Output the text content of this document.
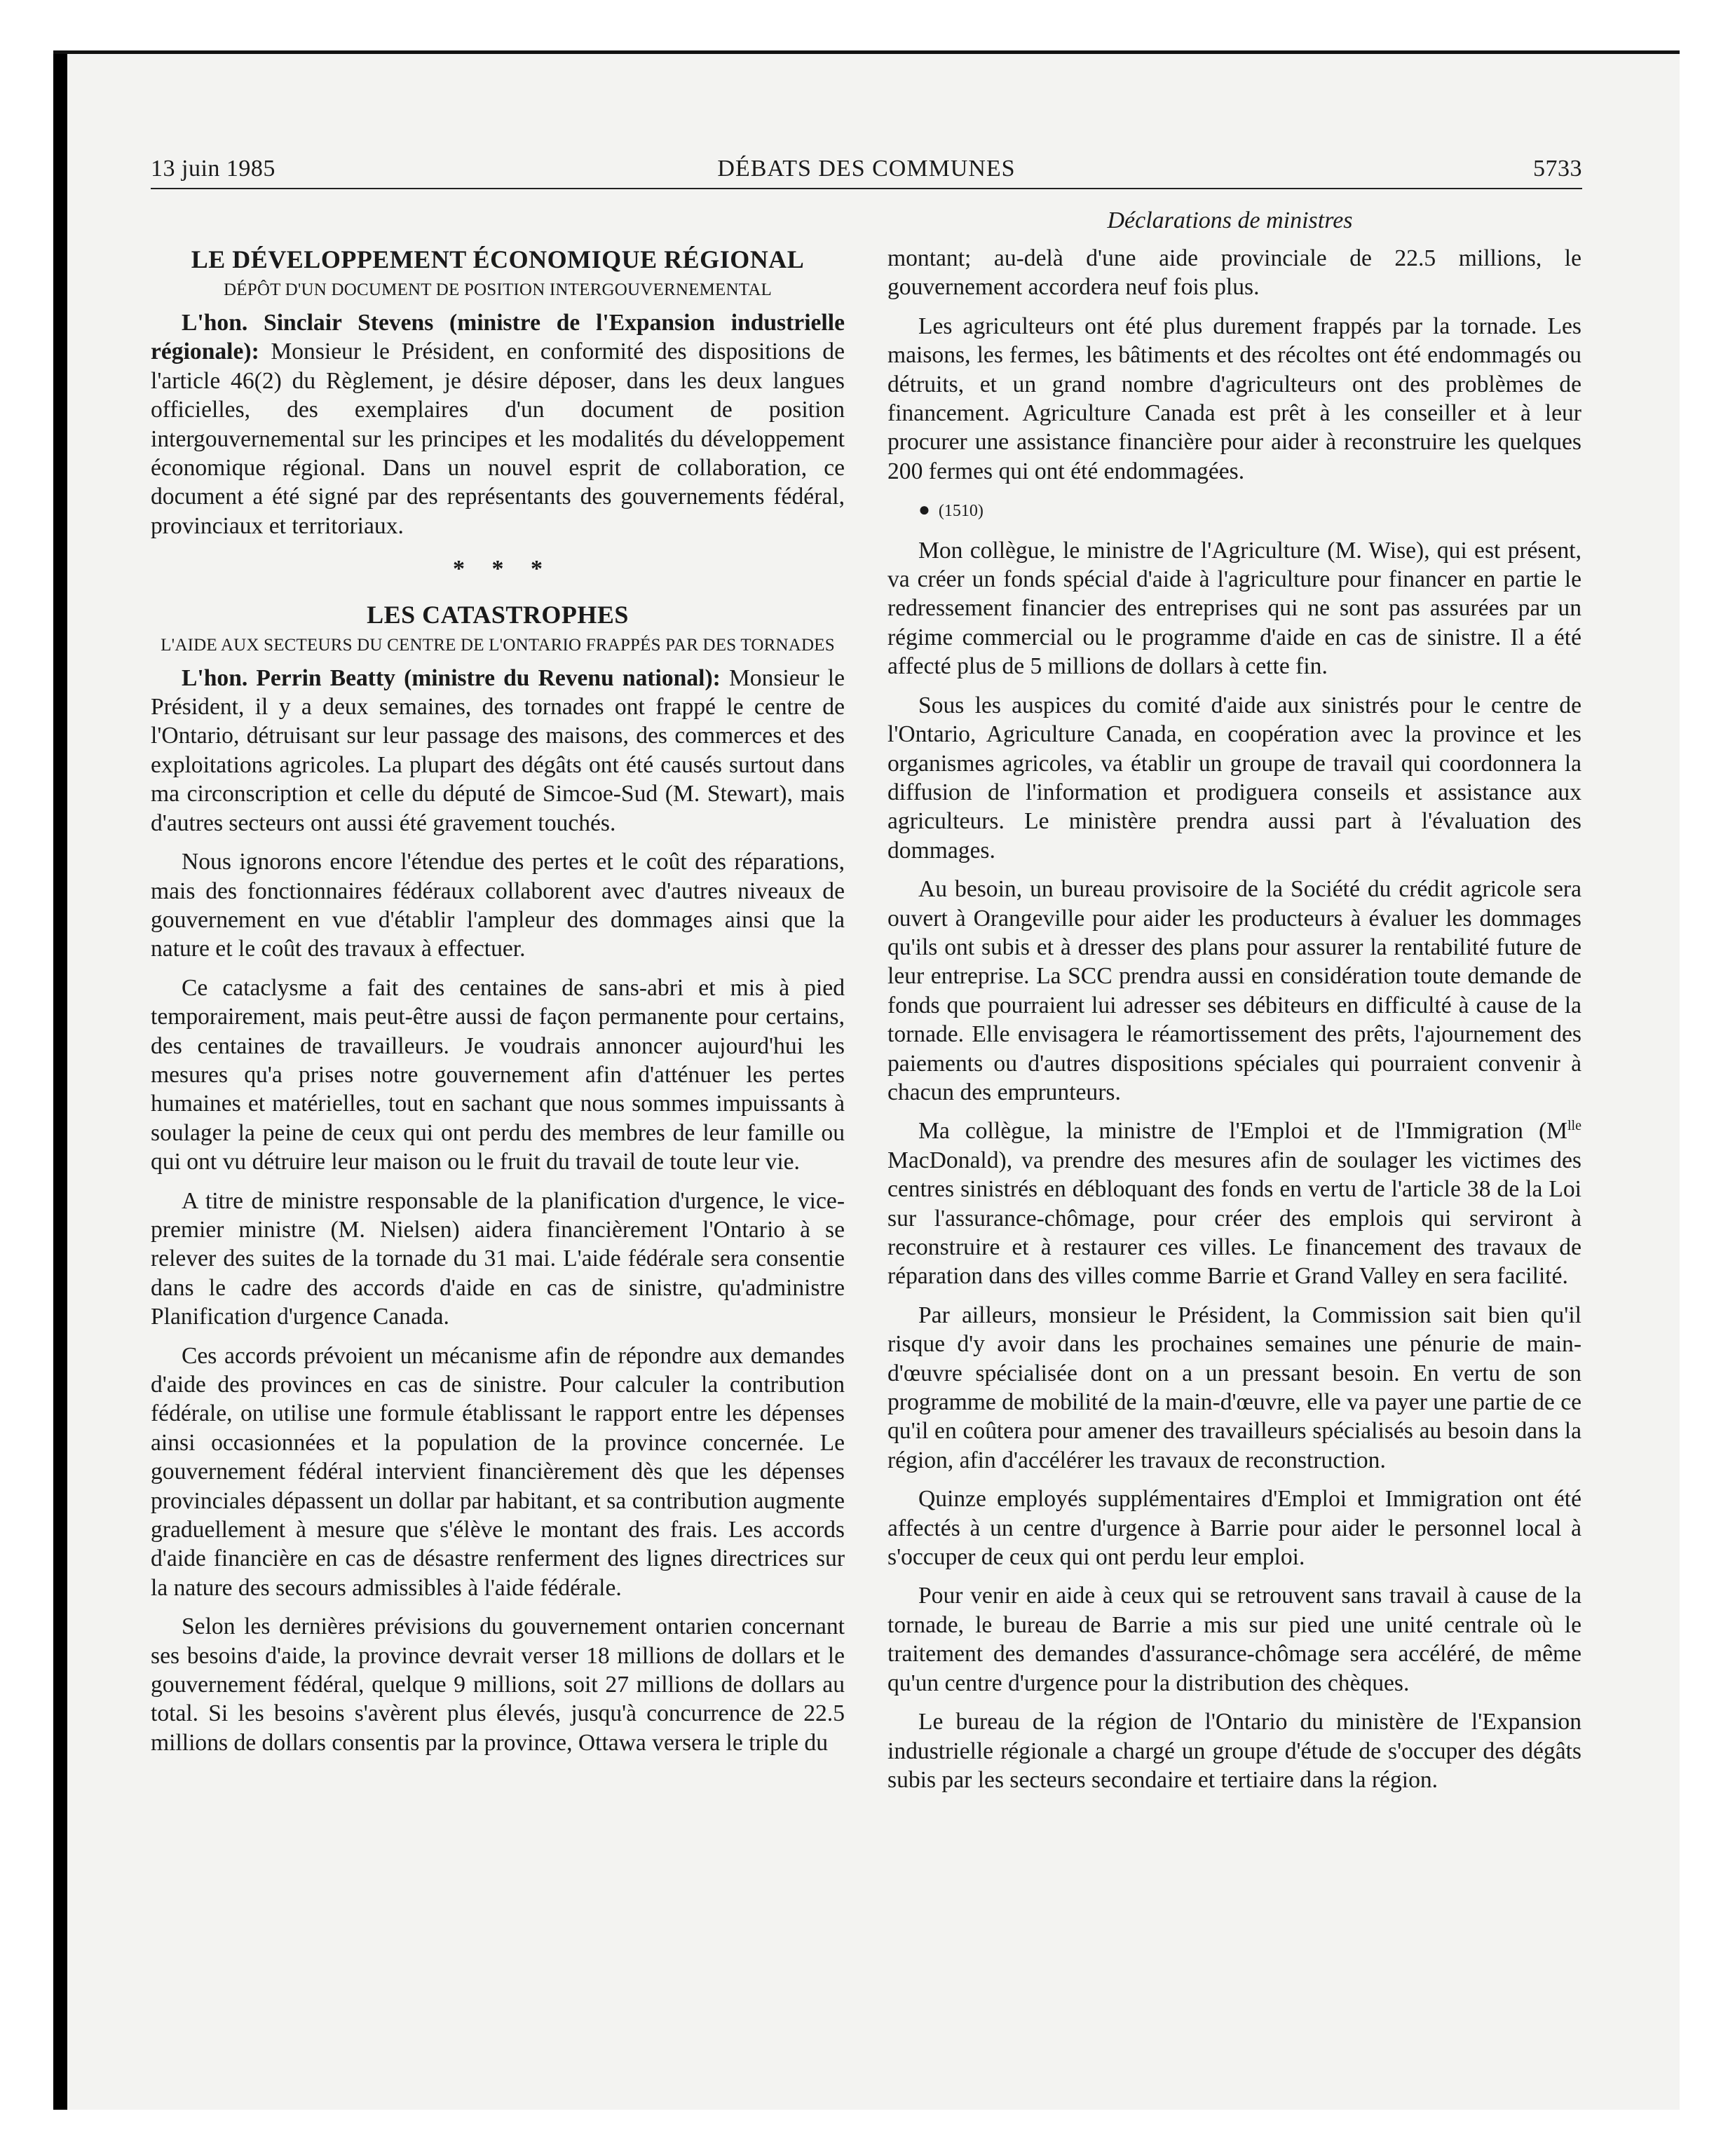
13 juin 1985	DÉBATS DES COMMUNES	5733
Déclarations de ministres
LE DÉVELOPPEMENT ÉCONOMIQUE RÉGIONAL
DÉPÔT D'UN DOCUMENT DE POSITION INTERGOUVERNEMENTAL

L'hon. Sinclair Stevens (ministre de l'Expansion industrielle régionale): Monsieur le Président, en conformité des dispositions de l'article 46(2) du Règlement, je désire déposer, dans les deux langues officielles, des exemplaires d'un document de position intergouvernemental sur les principes et les modalités du développement économique régional. Dans un nouvel esprit de collaboration, ce document a été signé par des représentants des gouvernements fédéral, provinciaux et territoriaux.

* * *
LES CATASTROPHES
L'AIDE AUX SECTEURS DU CENTRE DE L'ONTARIO FRAPPÉS PAR DES TORNADES

L'hon. Perrin Beatty (ministre du Revenu national): Monsieur le Président, il y a deux semaines, des tornades ont frappé le centre de l'Ontario, détruisant sur leur passage des maisons, des commerces et des exploitations agricoles. La plupart des dégâts ont été causés surtout dans ma circonscription et celle du député de Simcoe-Sud (M. Stewart), mais d'autres secteurs ont aussi été gravement touchés.

Nous ignorons encore l'étendue des pertes et le coût des réparations, mais des fonctionnaires fédéraux collaborent avec d'autres niveaux de gouvernement en vue d'établir l'ampleur des dommages ainsi que la nature et le coût des travaux à effectuer.

Ce cataclysme a fait des centaines de sans-abri et mis à pied temporairement, mais peut-être aussi de façon permanente pour certains, des centaines de travailleurs. Je voudrais annoncer aujourd'hui les mesures qu'a prises notre gouvernement afin d'atténuer les pertes humaines et matérielles, tout en sachant que nous sommes impuissants à soulager la peine de ceux qui ont perdu des membres de leur famille ou qui ont vu détruire leur maison ou le fruit du travail de toute leur vie.

A titre de ministre responsable de la planification d'urgence, le vice-premier ministre (M. Nielsen) aidera financièrement l'Ontario à se relever des suites de la tornade du 31 mai. L'aide fédérale sera consentie dans le cadre des accords d'aide en cas de sinistre, qu'administre Planification d'urgence Canada.

Ces accords prévoient un mécanisme afin de répondre aux demandes d'aide des provinces en cas de sinistre. Pour calculer la contribution fédérale, on utilise une formule établissant le rapport entre les dépenses ainsi occasionnées et la population de la province concernée. Le gouvernement fédéral intervient financièrement dès que les dépenses provinciales dépassent un dollar par habitant, et sa contribution augmente graduellement à mesure que s'élève le montant des frais. Les accords d'aide financière en cas de désastre renferment des lignes directrices sur la nature des secours admissibles à l'aide fédérale.

Selon les dernières prévisions du gouvernement ontarien concernant ses besoins d'aide, la province devrait verser 18 millions de dollars et le gouvernement fédéral, quelque 9 millions, soit 27 millions de dollars au total. Si les besoins s'avèrent plus élevés, jusqu'à concurrence de 22.5 millions de dollars consentis par la province, Ottawa versera le triple du

montant; au-delà d'une aide provinciale de 22.5 millions, le gouvernement accordera neuf fois plus.

Les agriculteurs ont été plus durement frappés par la tornade. Les maisons, les fermes, les bâtiments et des récoltes ont été endommagés ou détruits, et un grand nombre d'agriculteurs ont des problèmes de financement. Agriculture Canada est prêt à les conseiller et à leur procurer une assistance financière pour aider à reconstruire les quelques 200 fermes qui ont été endommagées.

● (1510)

Mon collègue, le ministre de l'Agriculture (M. Wise), qui est présent, va créer un fonds spécial d'aide à l'agriculture pour financer en partie le redressement financier des entreprises qui ne sont pas assurées par un régime commercial ou le programme d'aide en cas de sinistre. Il a été affecté plus de 5 millions de dollars à cette fin.

Sous les auspices du comité d'aide aux sinistrés pour le centre de l'Ontario, Agriculture Canada, en coopération avec la province et les organismes agricoles, va établir un groupe de travail qui coordonnera la diffusion de l'information et prodiguera conseils et assistance aux agriculteurs. Le ministère prendra aussi part à l'évaluation des dommages.

Au besoin, un bureau provisoire de la Société du crédit agricole sera ouvert à Orangeville pour aider les producteurs à évaluer les dommages qu'ils ont subis et à dresser des plans pour assurer la rentabilité future de leur entreprise. La SCC prendra aussi en considération toute demande de fonds que pourraient lui adresser ses débiteurs en difficulté à cause de la tornade. Elle envisagera le réamortissement des prêts, l'ajournement des paiements ou d'autres dispositions spéciales qui pourraient convenir à chacun des emprunteurs.

Ma collègue, la ministre de l'Emploi et de l'Immigration ($M^{lle}$ MacDonald), va prendre des mesures afin de soulager les victimes des centres sinistrés en débloquant des fonds en vertu de l'article 38 de la Loi sur l'assurance-chômage, pour créer des emplois qui serviront à reconstruire et à restaurer ces villes. Le financement des travaux de réparation dans des villes comme Barrie et Grand Valley en sera facilité.

Par ailleurs, monsieur le Président, la Commission sait bien qu'il risque d'y avoir dans les prochaines semaines une pénurie de main-d'œuvre spécialisée dont on a un pressant besoin. En vertu de son programme de mobilité de la main-d'œuvre, elle va payer une partie de ce qu'il en coûtera pour amener des travailleurs spécialisés au besoin dans la région, afin d'accélérer les travaux de reconstruction.

Quinze employés supplémentaires d'Emploi et Immigration ont été affectés à un centre d'urgence à Barrie pour aider le personnel local à s'occuper de ceux qui ont perdu leur emploi.

Pour venir en aide à ceux qui se retrouvent sans travail à cause de la tornade, le bureau de Barrie a mis sur pied une unité centrale où le traitement des demandes d'assurance-chômage sera accéléré, de même qu'un centre d'urgence pour la distribution des chèques.

Le bureau de la région de l'Ontario du ministère de l'Expansion industrielle régionale a chargé un groupe d'étude de s'occuper des dégâts subis par les secteurs secondaire et tertiaire dans la région.
